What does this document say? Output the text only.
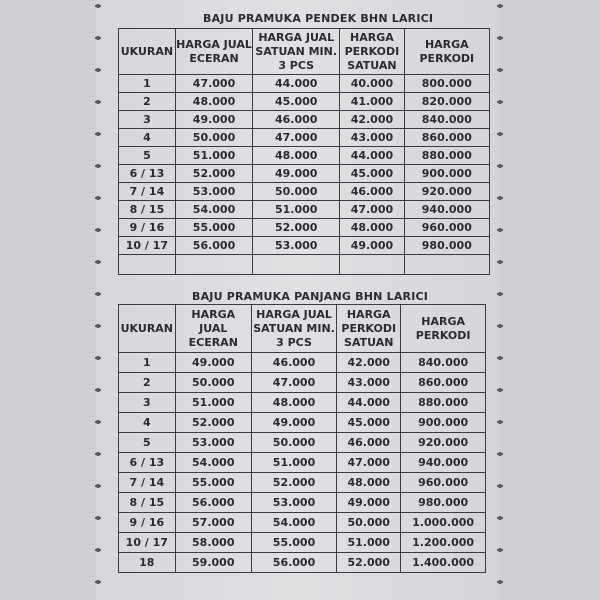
BAJU PRAMUKA PENDEK BHN LARICI
UKURAN	HARGA JUAL ECERAN	HARGA JUAL SATUAN MIN. 3 PCS	HARGA PERKODI SATUAN	HARGA PERKODI
1	47.000	44.000	40.000	800.000
2	48.000	45.000	41.000	820.000
3	49.000	46.000	42.000	840.000
4	50.000	47.000	43.000	860.000
5	51.000	48.000	44.000	880.000
6 / 13	52.000	49.000	45.000	900.000
7 / 14	53.000	50.000	46.000	920.000
8 / 15	54.000	51.000	47.000	940.000
9 / 16	55.000	52.000	48.000	960.000
10 / 17	56.000	53.000	49.000	980.000

BAJU PRAMUKA PANJANG BHN LARICI
UKURAN	HARGA JUAL ECERAN	HARGA JUAL SATUAN MIN. 3 PCS	HARGA PERKODI SATUAN	HARGA PERKODI
1	49.000	46.000	42.000	840.000
2	50.000	47.000	43.000	860.000
3	51.000	48.000	44.000	880.000
4	52.000	49.000	45.000	900.000
5	53.000	50.000	46.000	920.000
6 / 13	54.000	51.000	47.000	940.000
7 / 14	55.000	52.000	48.000	960.000
8 / 15	56.000	53.000	49.000	980.000
9 / 16	57.000	54.000	50.000	1.000.000
10 / 17	58.000	55.000	51.000	1.200.000
18	59.000	56.000	52.000	1.400.000
